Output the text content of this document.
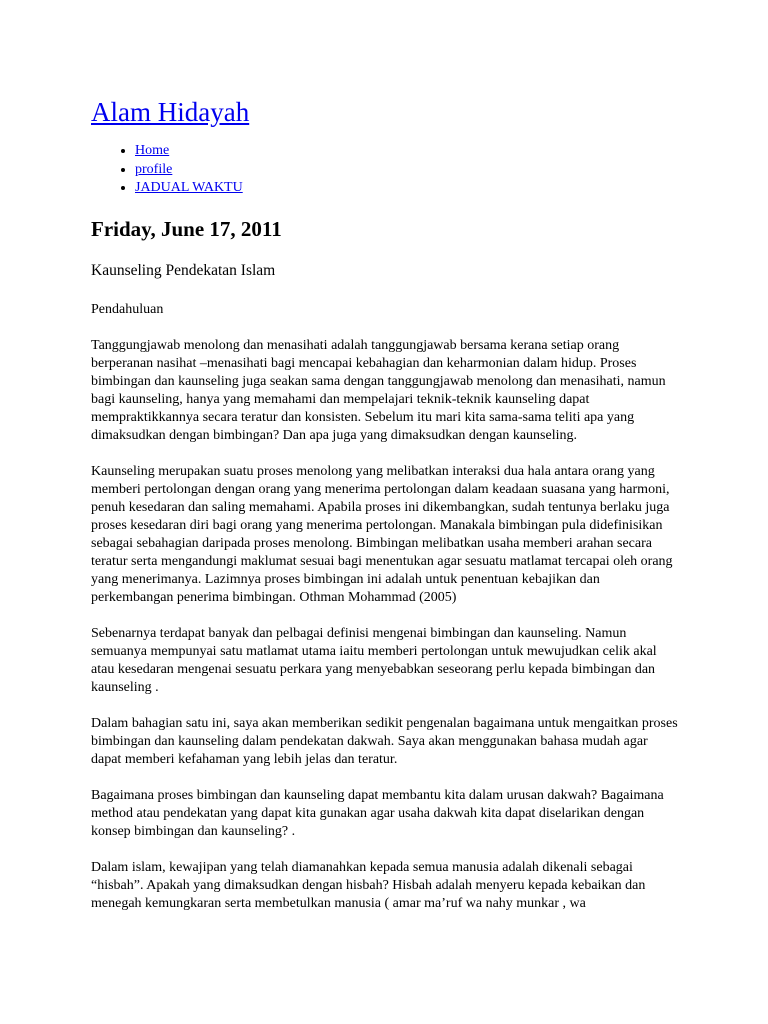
Alam Hidayah
• Home
• profile
• JADUAL WAKTU
Friday, June 17, 2011
Kaunseling Pendekatan Islam

Pendahuluan

Tanggungjawab menolong dan menasihati adalah tanggungjawab bersama kerana setiap orang berperanan nasihat –menasihati bagi mencapai kebahagian dan keharmonian dalam hidup. Proses bimbingan dan kaunseling juga seakan sama dengan tanggungjawab menolong dan menasihati, namun bagi kaunseling, hanya yang memahami dan mempelajari teknik-teknik kaunseling dapat mempraktikkannya secara teratur dan konsisten. Sebelum itu mari kita sama-sama teliti apa yang dimaksudkan dengan bimbingan? Dan apa juga yang dimaksudkan dengan kaunseling.

Kaunseling merupakan suatu proses menolong yang melibatkan interaksi dua hala antara orang yang memberi pertolongan dengan orang yang menerima pertolongan dalam keadaan suasana yang harmoni, penuh kesedaran dan saling memahami. Apabila proses ini dikembangkan, sudah tentunya berlaku juga proses kesedaran diri bagi orang yang menerima pertolongan. Manakala bimbingan pula didefinisikan sebagai sebahagian daripada proses menolong. Bimbingan melibatkan usaha memberi arahan secara teratur serta mengandungi maklumat sesuai bagi menentukan agar sesuatu matlamat tercapai oleh orang yang menerimanya. Lazimnya proses bimbingan ini adalah untuk penentuan kebajikan dan perkembangan penerima bimbingan. Othman Mohammad (2005)

Sebenarnya terdapat banyak dan pelbagai definisi mengenai bimbingan dan kaunseling. Namun semuanya mempunyai satu matlamat utama iaitu memberi pertolongan untuk mewujudkan celik akal atau kesedaran mengenai sesuatu perkara yang menyebabkan seseorang perlu kepada bimbingan dan kaunseling .

Dalam bahagian satu ini, saya akan memberikan sedikit pengenalan bagaimana untuk mengaitkan proses bimbingan dan kaunseling dalam pendekatan dakwah. Saya akan menggunakan bahasa mudah agar dapat memberi kefahaman yang lebih jelas dan teratur.

Bagaimana proses bimbingan dan kaunseling dapat membantu kita dalam urusan dakwah? Bagaimana method atau pendekatan yang dapat kita gunakan agar usaha dakwah kita dapat diselarikan dengan konsep bimbingan dan kaunseling? .

Dalam islam, kewajipan yang telah diamanahkan kepada semua manusia adalah dikenali sebagai “hisbah”. Apakah yang dimaksudkan dengan hisbah? Hisbah adalah menyeru kepada kebaikan dan menegah kemungkaran serta membetulkan manusia ( amar ma’ruf wa nahy munkar , wa
